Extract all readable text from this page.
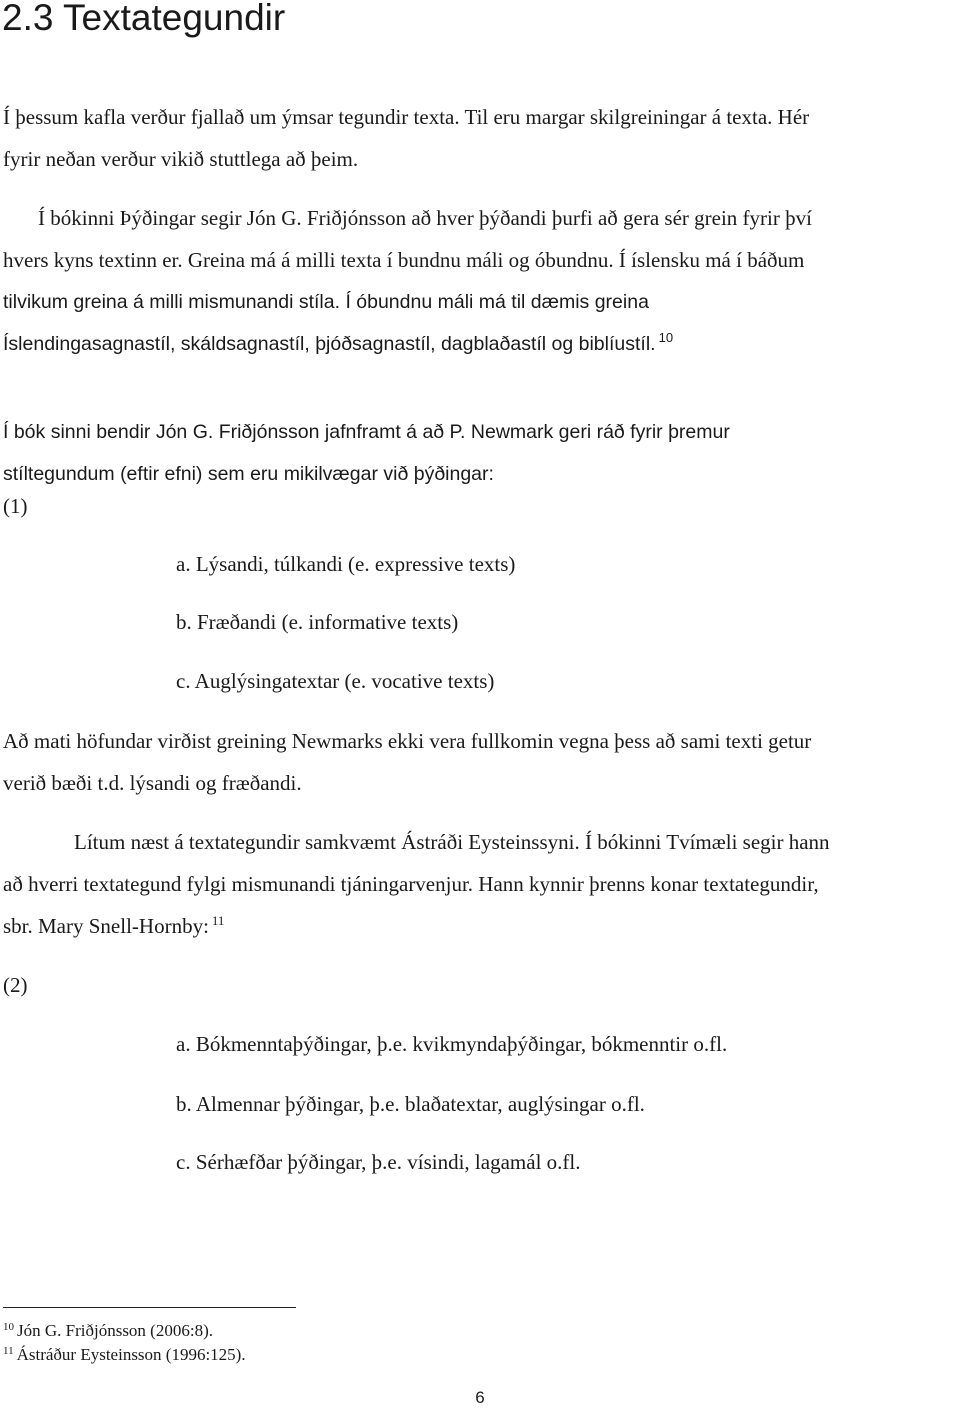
2.3 Textategundir

Í þessum kafla verður fjallað um ýmsar tegundir texta. Til eru margar skilgreiningar á texta. Hér

fyrir neðan verður vikið stuttlega að þeim.

Í bókinni Þýðingar segir Jón G. Friðjónsson að hver þýðandi þurfi að gera sér grein fyrir því

hvers kyns textinn er. Greina má á milli texta í bundnu máli og óbundnu. Í íslensku má í báðum

tilvikum greina á milli mismunandi stíla. Í óbundnu máli má til dæmis greina

Íslendingasagnastíl, skáldsagnastíl, þjóðsagnastíl, dagblaðastíl og biblíustíl. $^{10}$

Í bók sinni bendir Jón G. Friðjónsson jafnframt á að P. Newmark geri ráð fyrir þremur

stíltegundum (eftir efni) sem eru mikilvægar við þýðingar:

(1)

a. Lýsandi, túlkandi (e. expressive texts)

b. Fræðandi (e. informative texts)

c. Auglýsingatextar (e. vocative texts)

Að mati höfundar virðist greining Newmarks ekki vera fullkomin vegna þess að sami texti getur

verið bæði t.d. lýsandi og fræðandi.

Lítum næst á textategundir samkvæmt Ástráði Eysteinssyni. Í bókinni Tvímæli segir hann

að hverri textategund fylgi mismunandi tjáningarvenjur. Hann kynnir þrenns konar textategundir,

sbr. Mary Snell-Hornby: $^{11}$

(2)

a. Bókmenntaþýðingar, þ.e. kvikmyndaþýðingar, bókmenntir o.fl.

b. Almennar þýðingar, þ.e. blaðatextar, auglýsingar o.fl.

c. Sérhæfðar þýðingar, þ.e. vísindi, lagamál o.fl.

$^{10}$ Jón G. Friðjónsson (2006:8).

$^{11}$ Ástráður Eysteinsson (1996:125).

6
